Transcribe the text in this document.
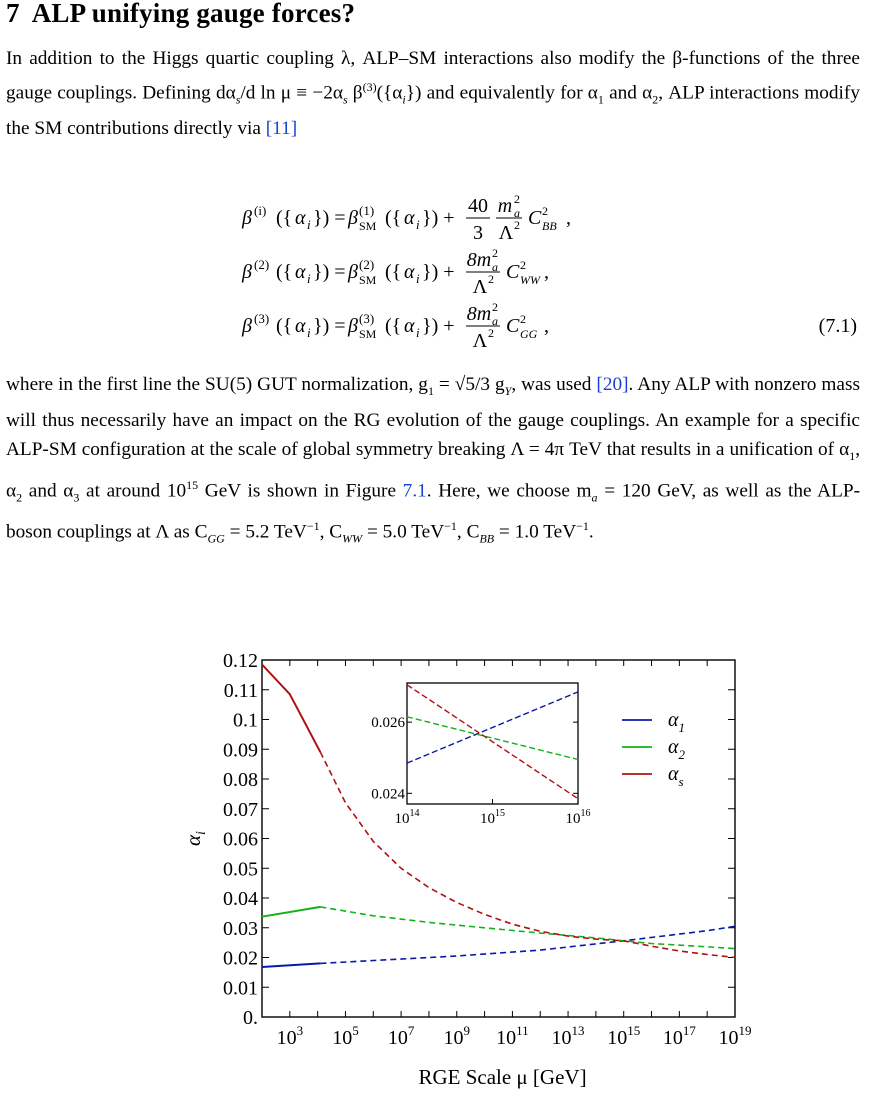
7 ALP unifying gauge forces?

In addition to the Higgs quartic coupling λ, ALP–SM interactions also modify the β-functions of the three gauge couplings. Defining $d\alpha_s/d$ $\ln \mu \equiv -2\alpha_s$ $\beta^{(3)}(\{\alpha_i\})$ and equivalently for $\alpha_1$ and $\alpha_2$, ALP interactions modify the SM contributions directly via [11]

β (i) ({ α i }) = β (1)
SM ({ α i }) +
40
3
m 2
a
Λ 2 C 2
BB ,
β (2) ({ α i }) = β (2)
SM ({ α i }) +
8m 2
a
Λ 2 C 2
WW ,
β (3) ({ α i }) = β (3)
SM ({ α i }) +
8m 2
a
Λ 2 C 2
GG ,	(7.1)

where in the first line the SU(5) GUT normalization, $g_1 = √5/3$ $g_Y$, was used [20]. Any ALP with nonzero mass will thus necessarily have an impact on the RG evolution of the gauge couplings. An example for a specific ALP-SM configuration at the scale of global symmetry breaking Λ = 4π TeV that results in a unification of $\alpha_1$, $\alpha_2$ and $\alpha_3$ at around $10^{15}$ GeV is shown in Figure 7.1. Here, we choose $m_a = 120$ GeV, as well as the ALP-boson couplings at Λ as $C_{GG} = 5.2$ TeV$^{-1}$, $C_{WW} = 5.0$ TeV$^{-1}$, $C_{BB} = 1.0$ TeV$^{-1}$.

0.
0.01
0.02
0.03
0.04
0.05
0.06
0.07
0.08
0.09
0.1
0.11
0.12
$10^3$ $10^5$ $10^7$ $10^9$ $10^{11}$ $10^{13}$ $10^{15}$ $10^{17}$ $10^{19}$
RGE Scale μ [GeV]
$\alpha_i$
$\alpha_1$
$\alpha_2$
$\alpha_s$
0.026
0.024
$10^{14}$	$10^{15}$	$10^{16}$
